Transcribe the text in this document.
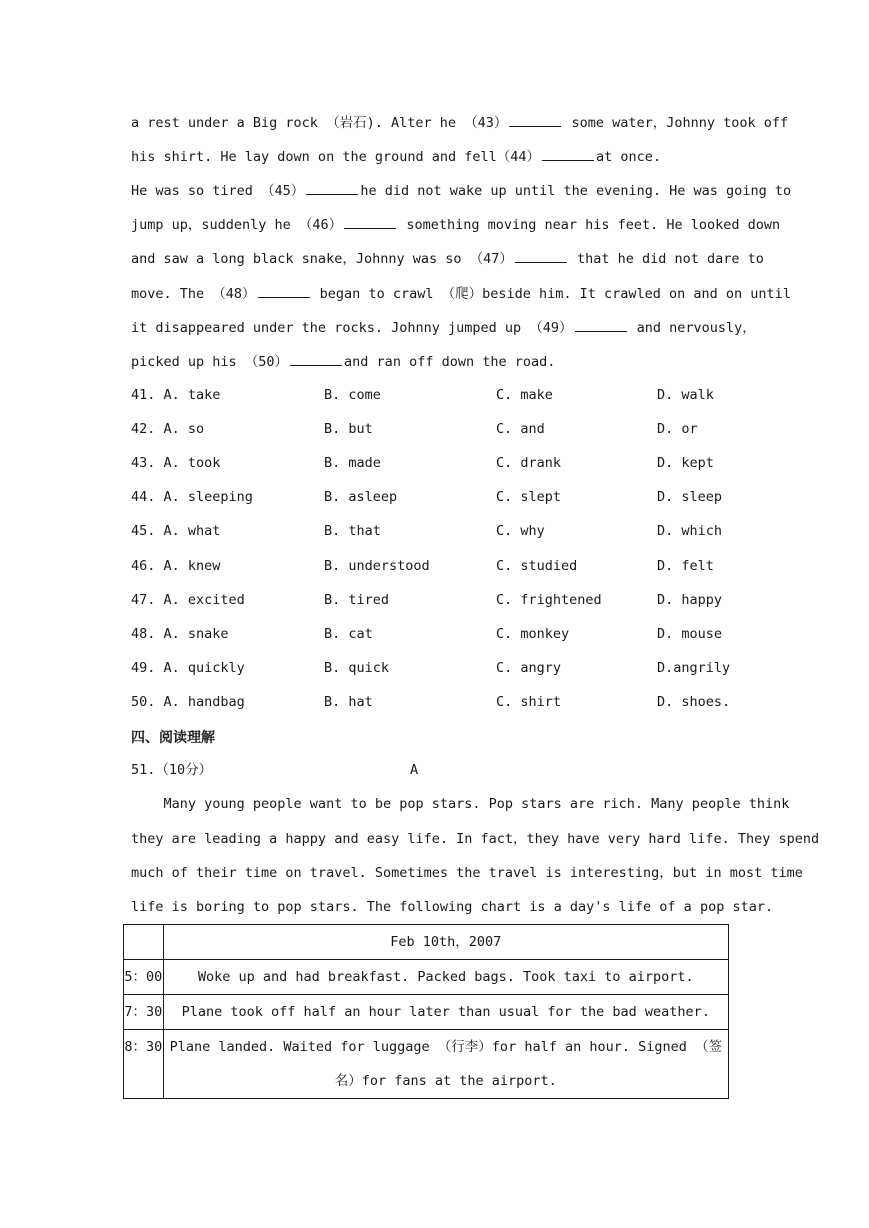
a rest under a Big rock （岩石). Alter he （43）	some water，Johnny took off
his shirt. He lay down on the ground and fell（44）	at once.
He was so tired （45）	he did not wake up until the evening. He was going to
jump up，suddenly he （46）	something moving near his feet. He looked down
and saw a long black snake，Johnny was so （47）	that he did not dare to
move. The （48）	began to crawl （爬）beside him. It crawled on and on until
it disappeared under the rocks. Johnny jumped up （49）	and nervously，
picked up his （50）	and ran off down the road.
41. A. take	B. come	C. make	D. walk
42. A. so	B. but	C. and	D. or
43. A. took	B. made	C. drank	D. kept
44. A. sleeping	B. asleep	C. slept	D. sleep
45. A. what	B. that	C. why	D. which
46. A. knew	B. understood	C. studied	D. felt
47. A. excited	B. tired	C. frightened	D. happy
48. A. snake	B. cat	C. monkey	D. mouse
49. A. quickly	B. quick	C. angry	D.angrily
50. A. handbag	B. hat	C. shirt	D. shoes.
四、阅读理解
51.（10分）	A
Many young people want to be pop stars. Pop stars are rich. Many people think
they are leading a happy and easy life. In fact，they have very hard life. They spend
much of their time on travel. Sometimes the travel is interesting，but in most time
life is boring to pop stars. The following chart is a day's life of a pop star.

	Feb 10th，2007

5：00	Woke up and had breakfast. Packed bags. Took taxi to airport.

7：30	Plane took off half an hour later than usual for the bad weather.

8：30	Plane landed. Waited for luggage （行李）for half an hour. Signed （签
名）for fans at the airport.
